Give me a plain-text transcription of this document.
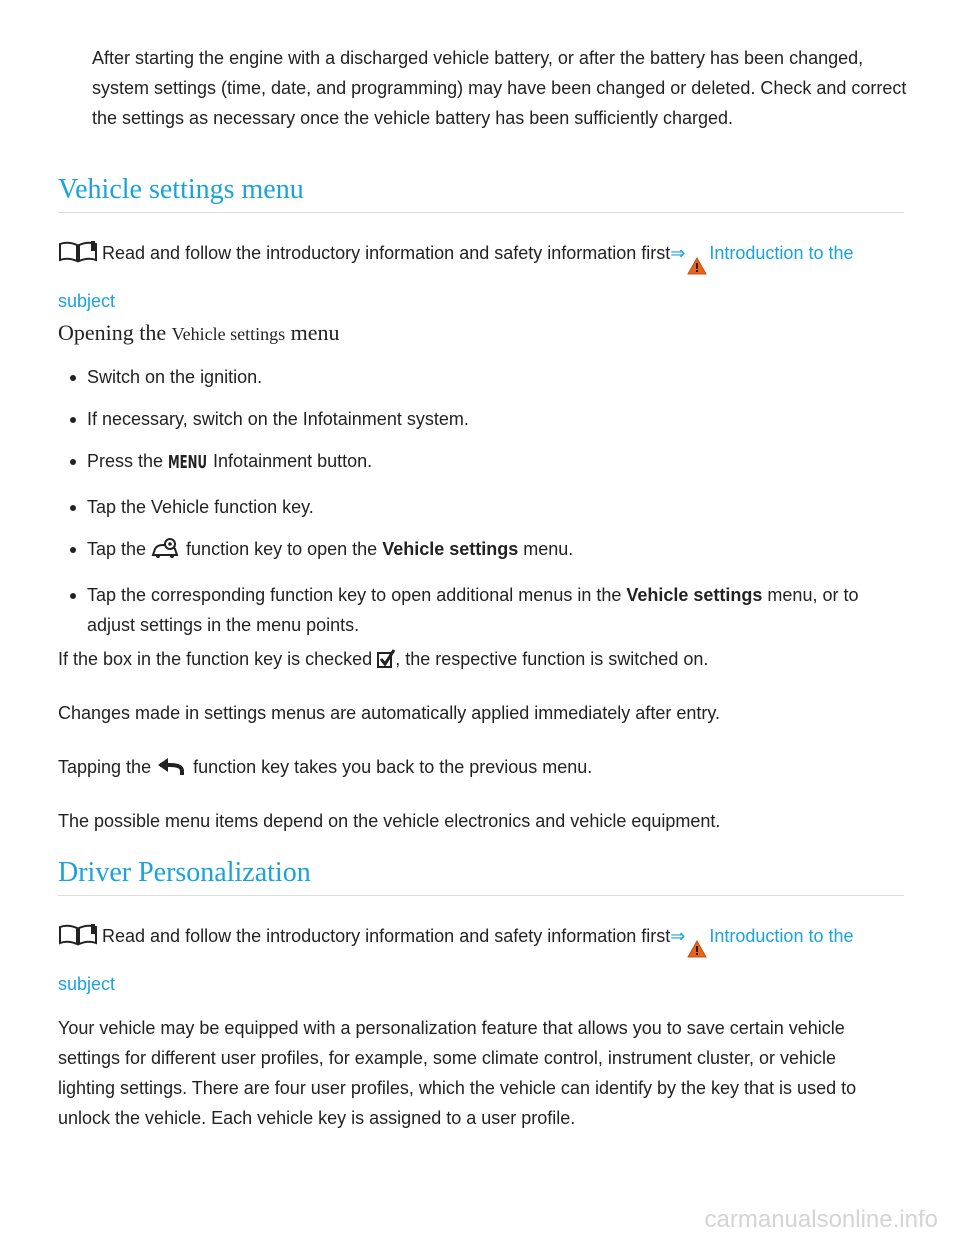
After starting the engine with a discharged vehicle battery, or after the battery has been changed, system settings (time, date, and programming) may have been changed or deleted. Check and correct the settings as necessary once the vehicle battery has been sufficiently charged.
Vehicle settings menu
Read and follow the introductory information and safety information first⇒ Introduction to the
subject
Opening the Vehicle settings menu
Switch on the ignition.
If necessary, switch on the Infotainment system.
Press the MENU Infotainment button.
Tap the Vehicle function key.
Tap the  function key to open the Vehicle settings menu.
Tap the corresponding function key to open additional menus in the Vehicle settings menu, or to adjust settings in the menu points.
If the box in the function key is checked , the respective function is switched on.
Changes made in settings menus are automatically applied immediately after entry.
Tapping the  function key takes you back to the previous menu.
The possible menu items depend on the vehicle electronics and vehicle equipment.
Driver Personalization
Read and follow the introductory information and safety information first⇒ Introduction to the
subject
Your vehicle may be equipped with a personalization feature that allows you to save certain vehicle settings for different user profiles, for example, some climate control, instrument cluster, or vehicle lighting settings. There are four user profiles, which the vehicle can identify by the key that is used to unlock the vehicle. Each vehicle key is assigned to a user profile.
carmanualsonline.info
